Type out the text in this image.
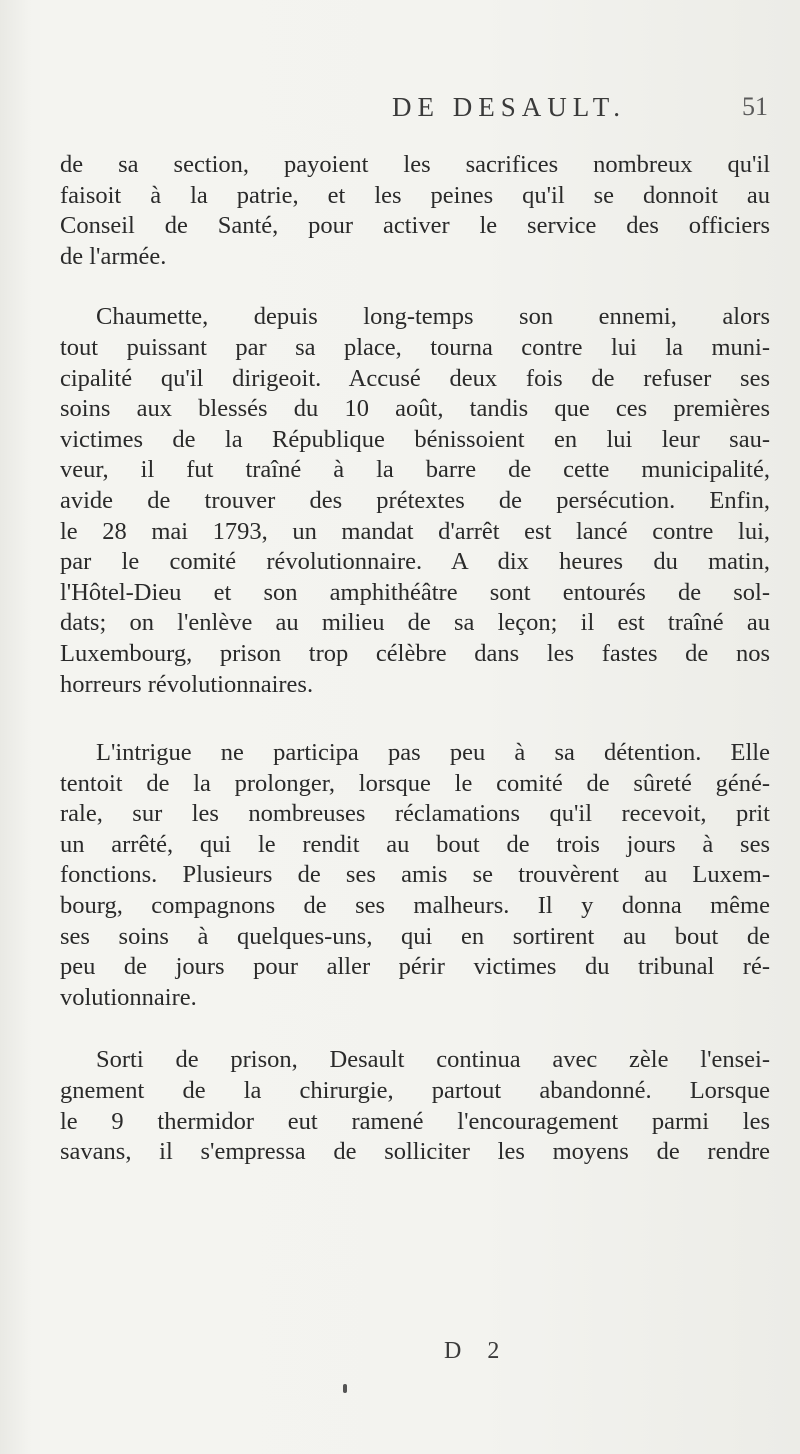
DE DESAULT.	51

de sa section, payoient les sacrifices nombreux qu'il
faisoit à la patrie, et les peines qu'il se donnoit au
Conseil de Santé, pour activer le service des officiers
de l'armée.

Chaumette, depuis long-temps son ennemi, alors
tout puissant par sa place, tourna contre lui la muni-
cipalité qu'il dirigeoit. Accusé deux fois de refuser ses
soins aux blessés du 10 août, tandis que ces premières
victimes de la République bénissoient en lui leur sau-
veur, il fut traîné à la barre de cette municipalité,
avide de trouver des prétextes de persécution. Enfin,
le 28 mai 1793, un mandat d'arrêt est lancé contre lui,
par le comité révolutionnaire. A dix heures du matin,
l'Hôtel-Dieu et son amphithéâtre sont entourés de sol-
dats; on l'enlève au milieu de sa leçon; il est traîné au
Luxembourg, prison trop célèbre dans les fastes de nos
horreurs révolutionnaires.

L'intrigue ne participa pas peu à sa détention. Elle
tentoit de la prolonger, lorsque le comité de sûreté géné-
rale, sur les nombreuses réclamations qu'il recevoit, prit
un arrêté, qui le rendit au bout de trois jours à ses
fonctions. Plusieurs de ses amis se trouvèrent au Luxem-
bourg, compagnons de ses malheurs. Il y donna même
ses soins à quelques-uns, qui en sortirent au bout de
peu de jours pour aller périr victimes du tribunal ré-
volutionnaire.

Sorti de prison, Desault continua avec zèle l'ensei-
gnement de la chirurgie, partout abandonné. Lorsque
le 9 thermidor eut ramené l'encouragement parmi les
savans, il s'empressa de solliciter les moyens de rendre

D 2
